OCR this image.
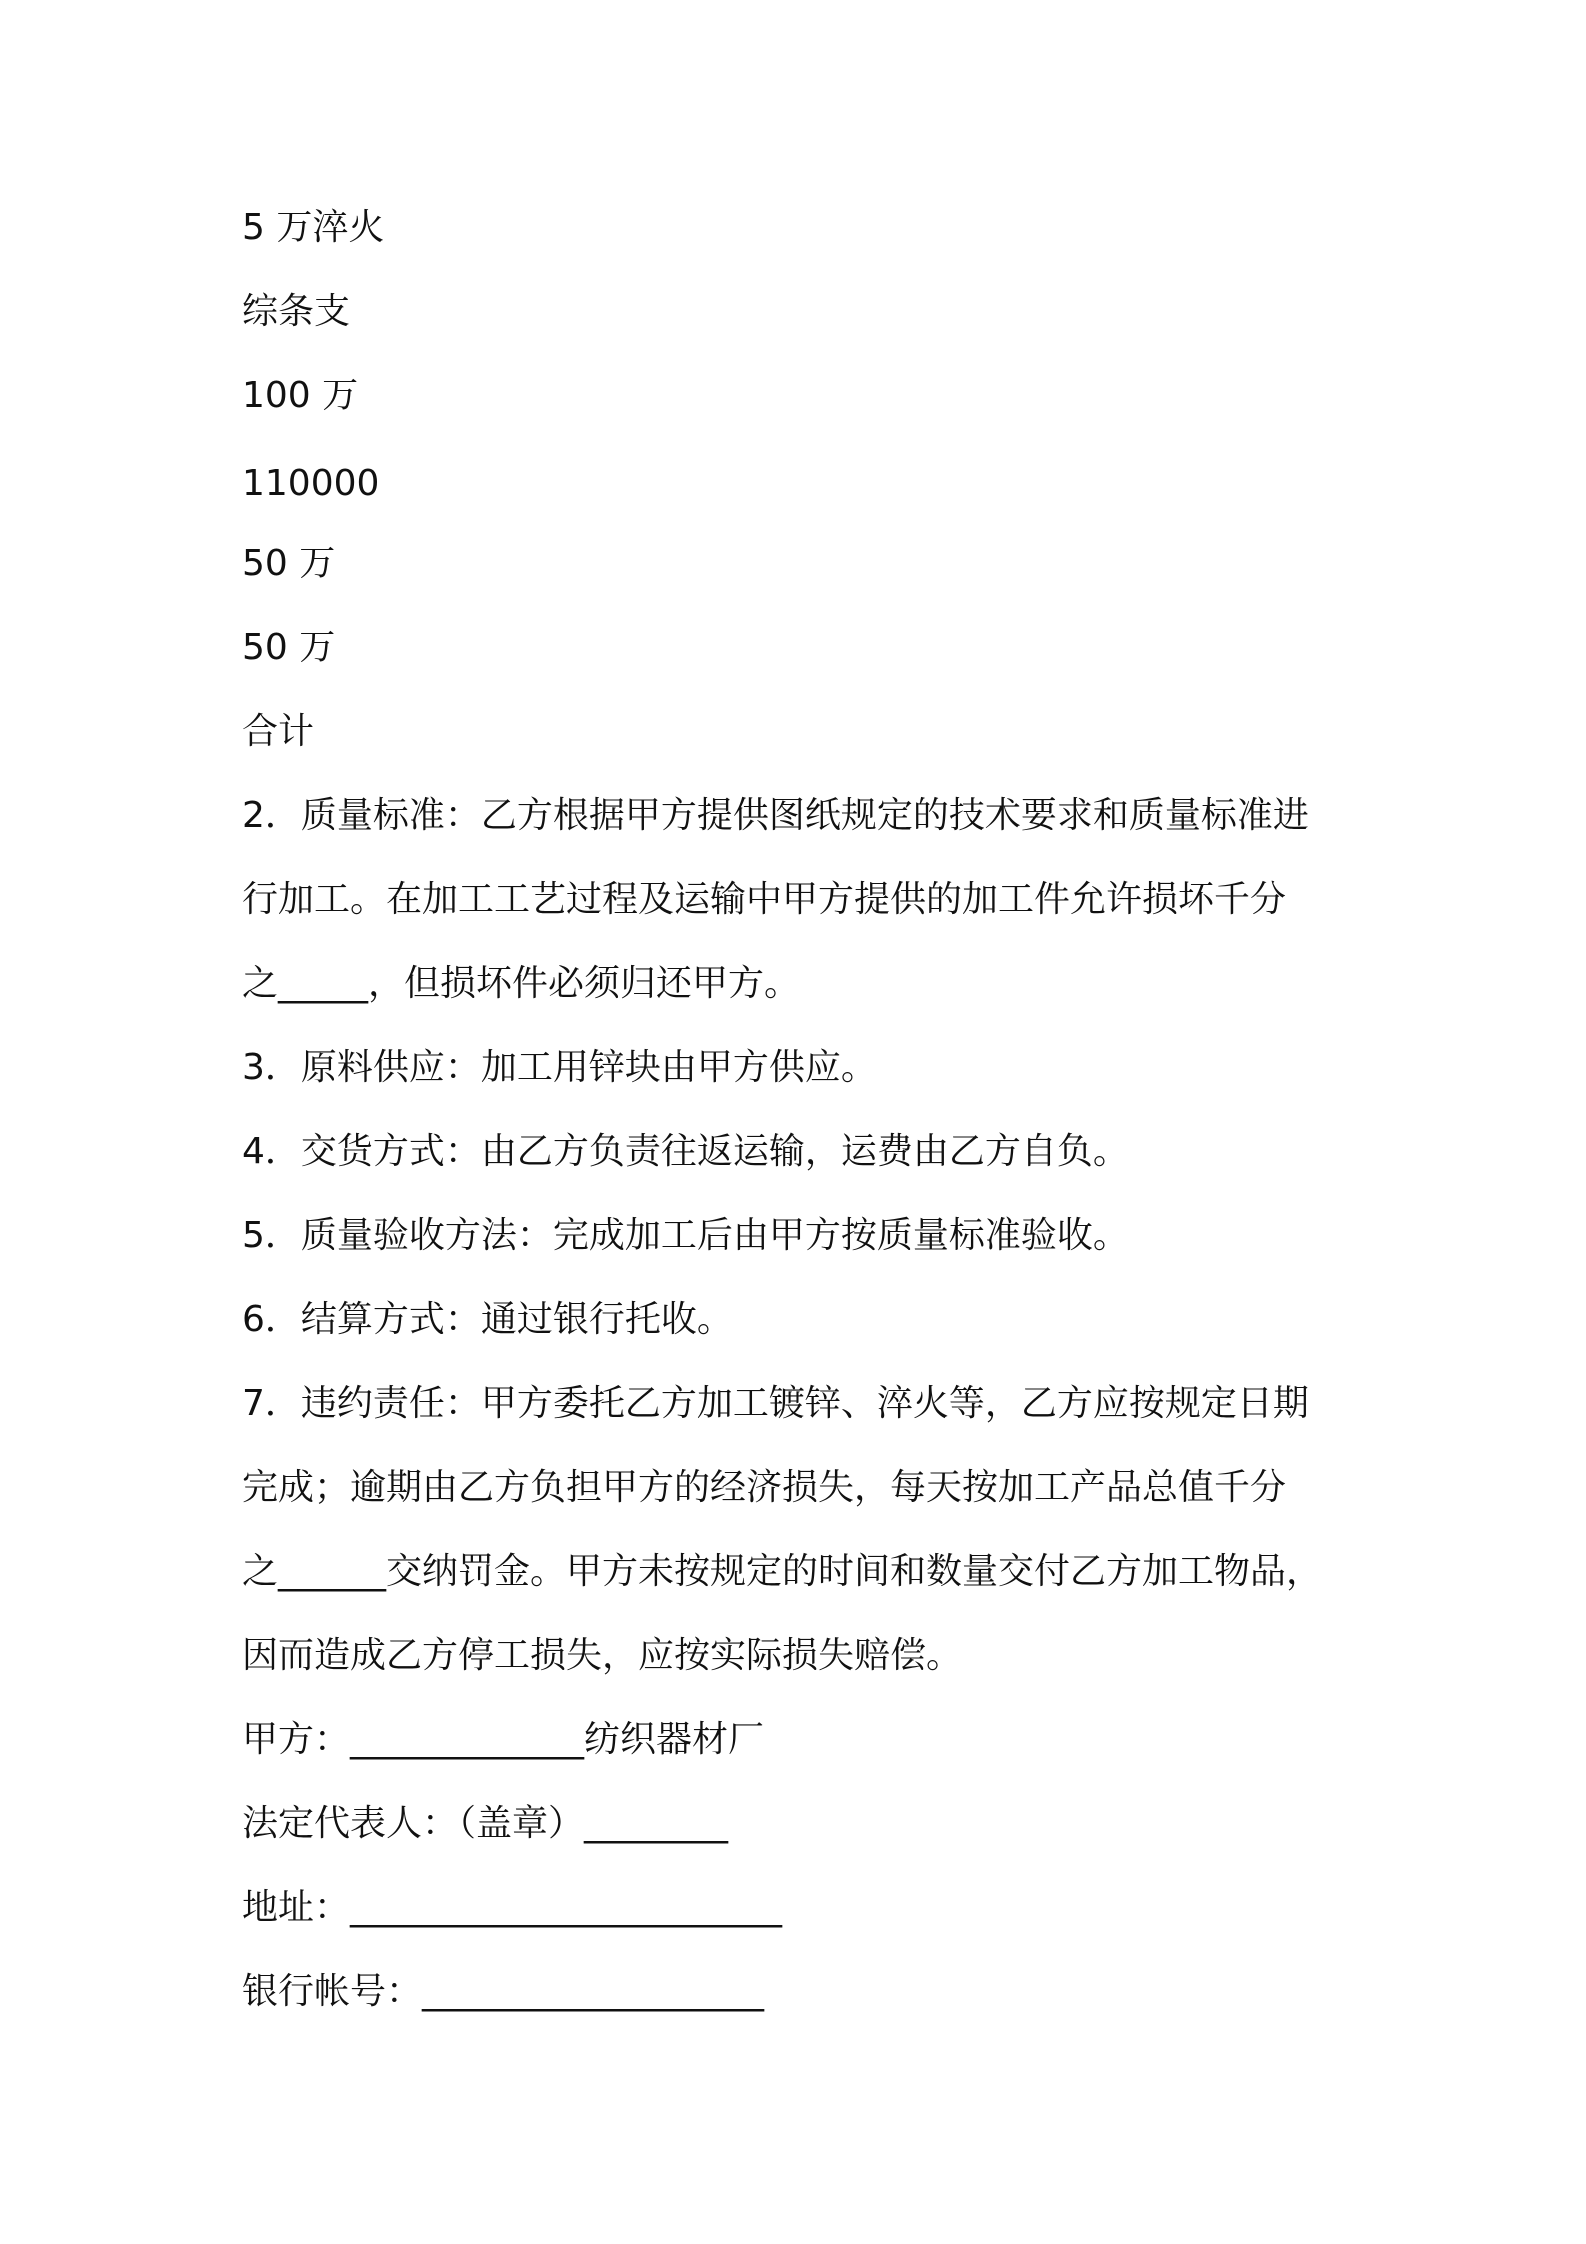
5 万淬火
综条支
100 万
110000
50 万
50 万
合计
2．质量标准：乙方根据甲方提供图纸规定的技术要求和质量标准进
行加工。在加工工艺过程及运输中甲方提供的加工件允许损坏千分
之_____，但损坏件必须归还甲方。
3．原料供应：加工用锌块由甲方供应。
4．交货方式：由乙方负责往返运输，运费由乙方自负。
5．质量验收方法：完成加工后由甲方按质量标准验收。
6．结算方式：通过银行托收。
7．违约责任：甲方委托乙方加工镀锌、淬火等，乙方应按规定日期
完成；逾期由乙方负担甲方的经济损失，每天按加工产品总值千分
之______交纳罚金。甲方未按规定的时间和数量交付乙方加工物品，
因而造成乙方停工损失，应按实际损失赔偿。
甲方：_____________纺织器材厂
法定代表人：（盖章）________
地址：________________________
银行帐号：___________________
